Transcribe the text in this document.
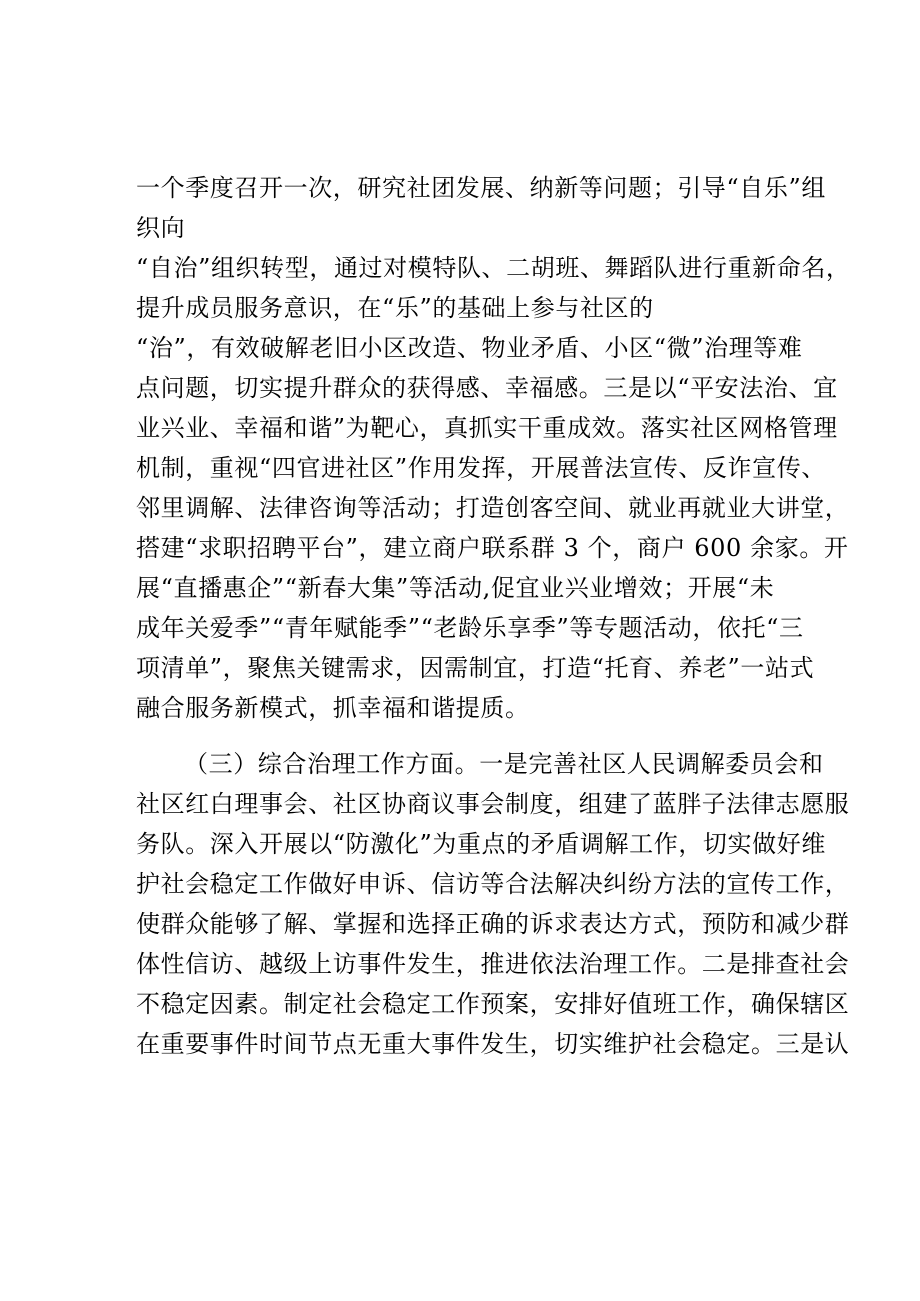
一个季度召开一次，研究社团发展、纳新等问题；引导“自乐”组
织向
“自治”组织转型，通过对模特队、二胡班、舞蹈队进行重新命名，
提升成员服务意识，在“乐”的基础上参与社区的
“治”，有效破解老旧小区改造、物业矛盾、小区“微”治理等难
点问题，切实提升群众的获得感、幸福感。三是以“平安法治、宜
业兴业、幸福和谐”为靶心，真抓实干重成效。落实社区网格管理
机制，重视“四官进社区”作用发挥，开展普法宣传、反诈宣传、
邻里调解、法律咨询等活动；打造创客空间、就业再就业大讲堂，
搭建“求职招聘平台”，建立商户联系群 3 个，商户 600 余家。开
展“直播惠企”“新春大集”等活动,促宜业兴业增效；开展“未
成年关爱季”“青年赋能季”“老龄乐享季”等专题活动，依托“三
项清单”，聚焦关键需求，因需制宜，打造“托育、养老”一站式
融合服务新模式，抓幸福和谐提质。
（三）综合治理工作方面。一是完善社区人民调解委员会和
社区红白理事会、社区协商议事会制度，组建了蓝胖子法律志愿服
务队。深入开展以“防激化”为重点的矛盾调解工作，切实做好维
护社会稳定工作做好申诉、信访等合法解决纠纷方法的宣传工作，
使群众能够了解、掌握和选择正确的诉求表达方式，预防和减少群
体性信访、越级上访事件发生，推进依法治理工作。二是排查社会
不稳定因素。制定社会稳定工作预案，安排好值班工作，确保辖区
在重要事件时间节点无重大事件发生，切实维护社会稳定。三是认
